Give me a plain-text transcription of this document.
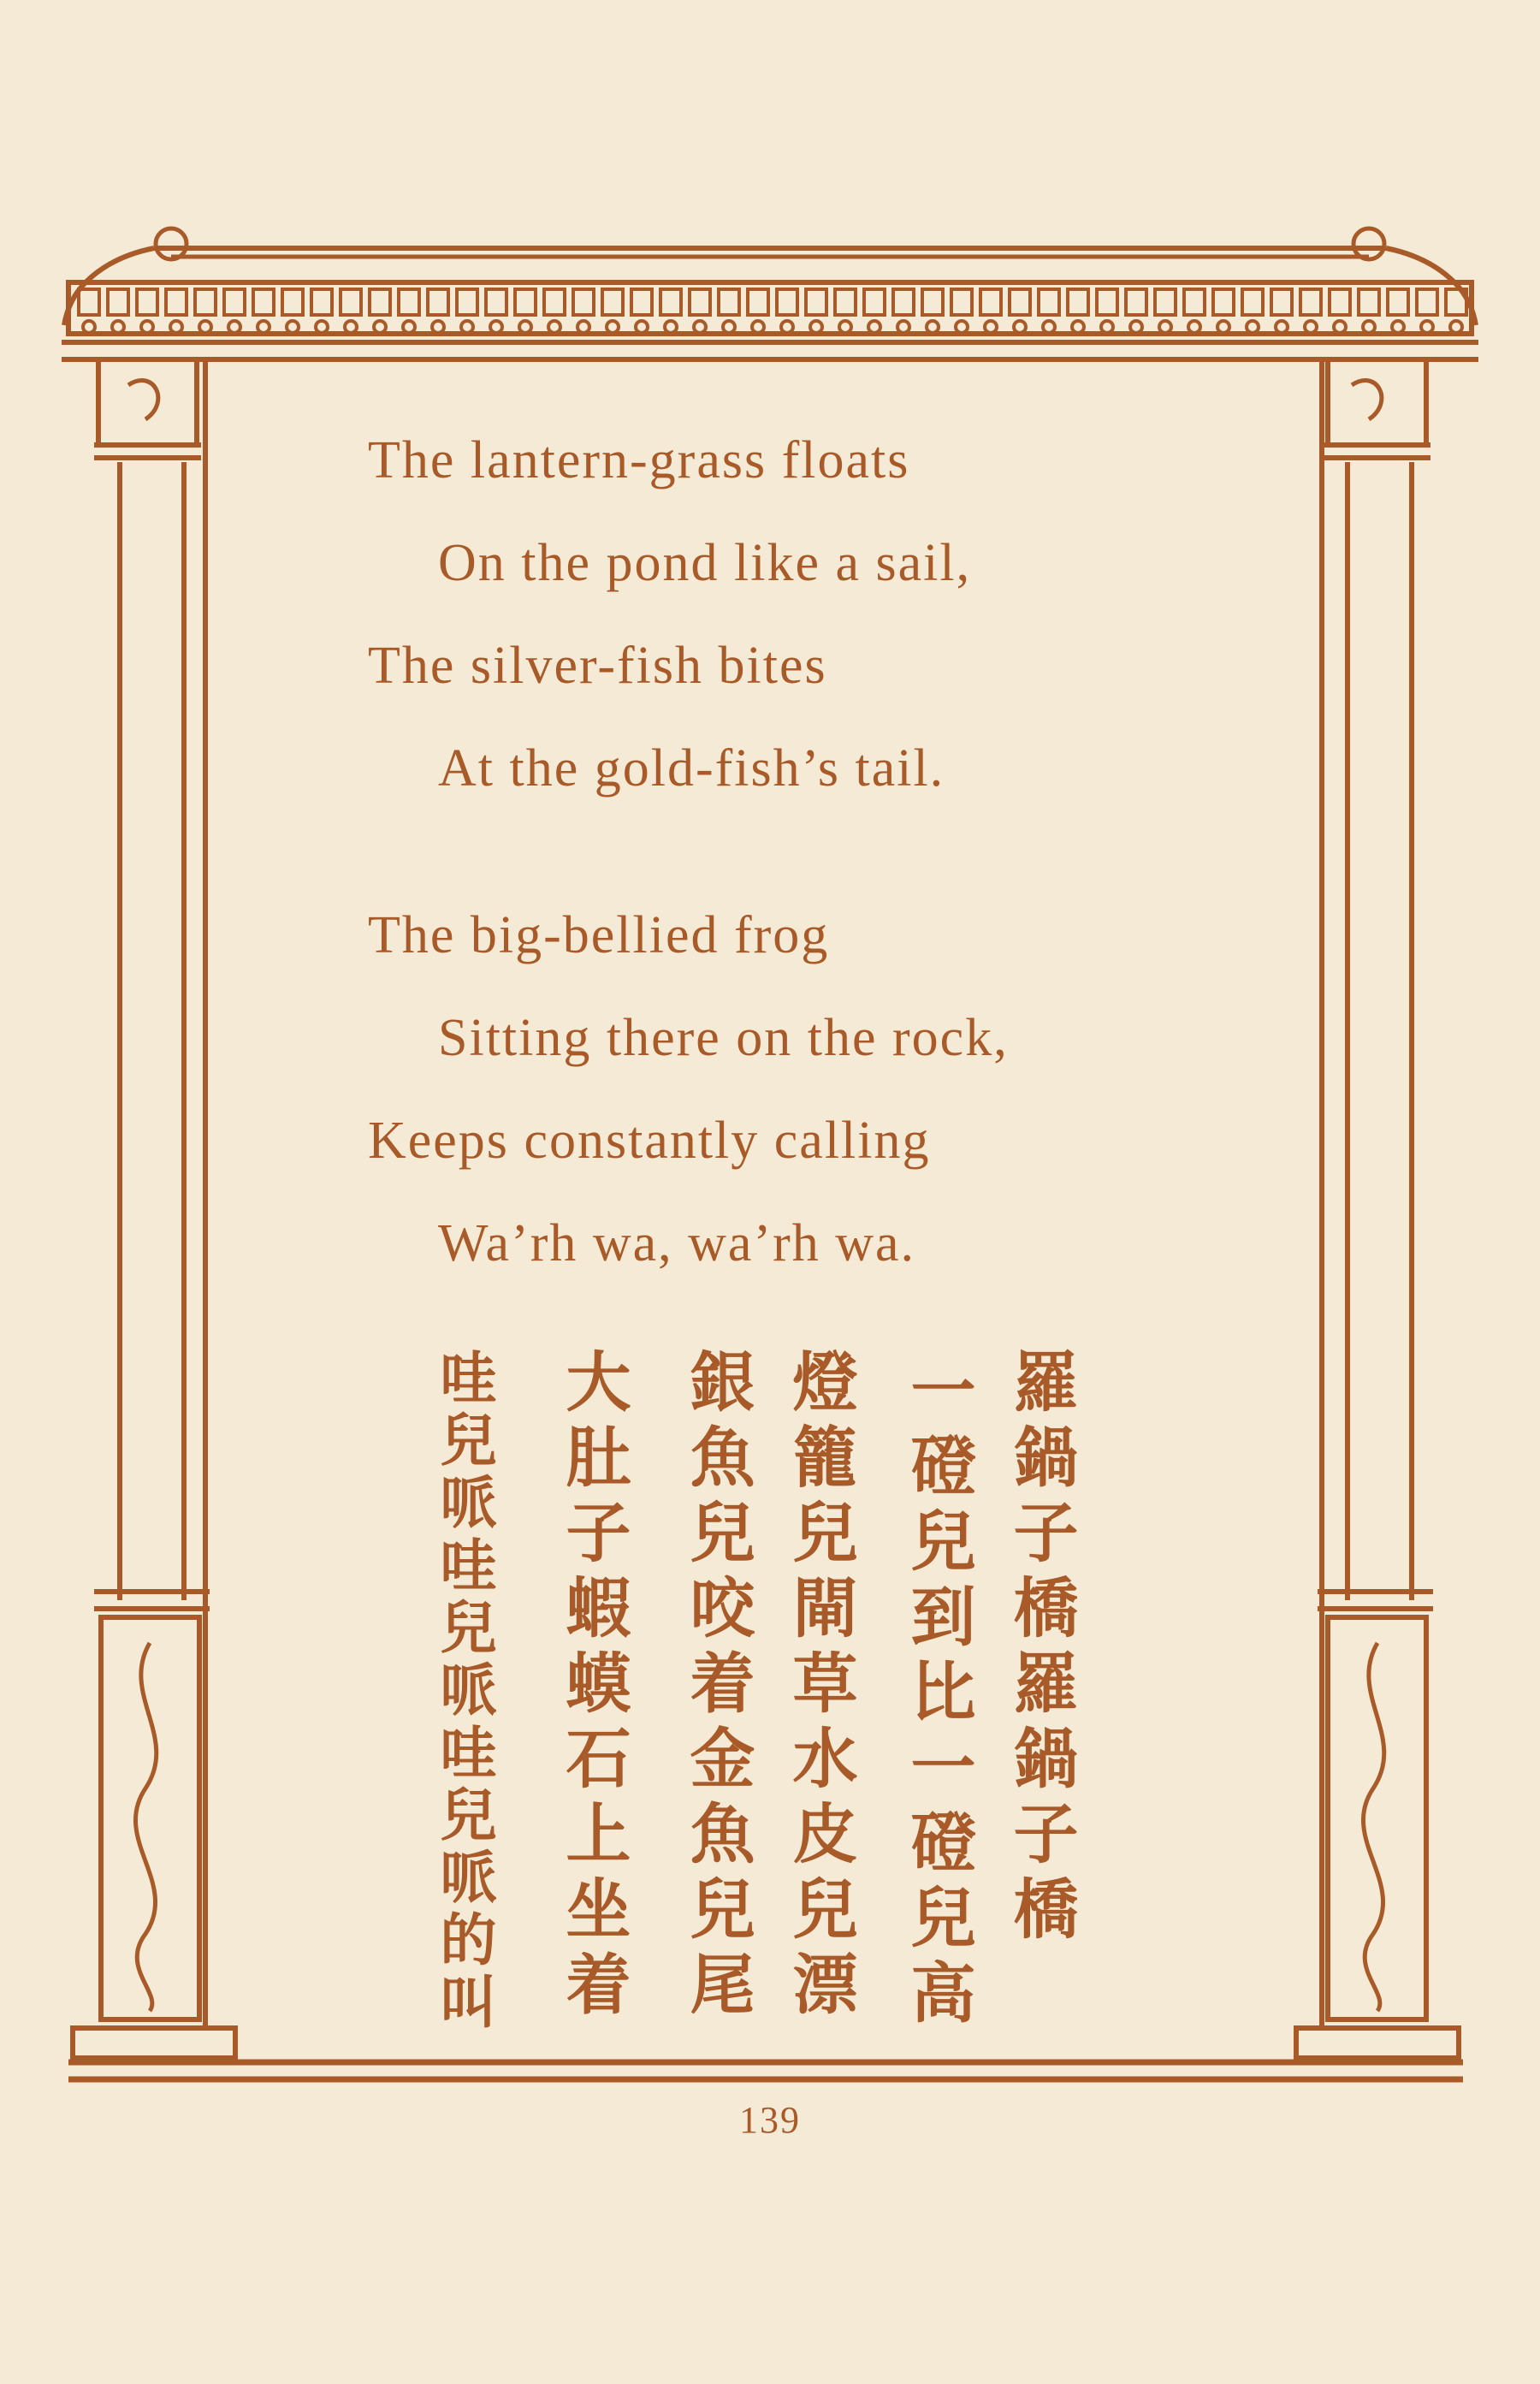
The lantern-grass floats

On the pond like a sail,

The silver-fish bites

At the gold-fish’s tail.

The big-bellied frog

Sitting there on the rock,

Keeps constantly calling

Wa’rh wa, wa’rh wa.

羅鍋子橋羅鍋子橋
一磴兒到比一磴兒高
燈籠兒閘草水皮兒漂
銀魚兒咬着金魚兒尾
大肚子蝦蟆石上坐着
哇兒哌哇兒哌哇兒哌的叫
139
